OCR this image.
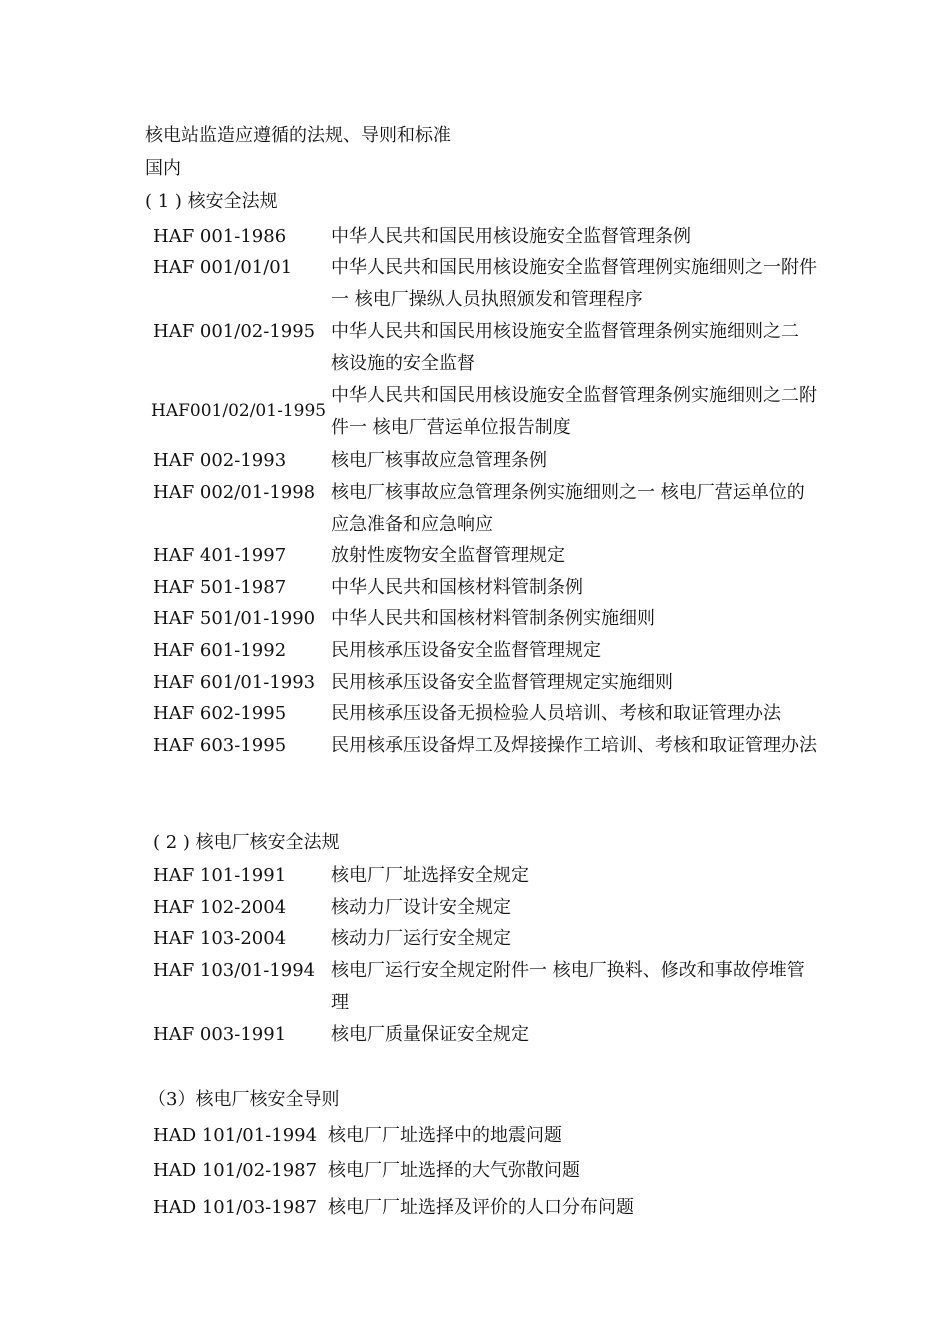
核电站监造应遵循的法规、导则和标准
国内
( 1 ) 核安全法规
HAF 001-1986 中华人民共和国民用核设施安全监督管理条例
HAF 001/01/01 中华人民共和国民用核设施安全监督管理例实施细则之一附件一 核电厂操纵人员执照颁发和管理程序
HAF 001/02-1995 中华人民共和国民用核设施安全监督管理条例实施细则之二 核设施的安全监督
HAF001/02/01-1995
中华人民共和国民用核设施安全监督管理条例实施细则之二附件一 核电厂营运单位报告制度
HAF 002-1993 核电厂核事故应急管理条例
HAF 002/01-1998 核电厂核事故应急管理条例实施细则之一 核电厂营运单位的应急准备和应急响应
HAF 401-1997 放射性废物安全监督管理规定
HAF 501-1987 中华人民共和国核材料管制条例
HAF 501/01-1990 中华人民共和国核材料管制条例实施细则
HAF 601-1992 民用核承压设备安全监督管理规定
HAF 601/01-1993 民用核承压设备安全监督管理规定实施细则
HAF 602-1995 民用核承压设备无损检验人员培训、考核和取证管理办法
HAF 603-1995 民用核承压设备焊工及焊接操作工培训、考核和取证管理办法
( 2 ) 核电厂核安全法规
HAF 101-1991 核电厂厂址选择安全规定
HAF 102-2004 核动力厂设计安全规定
HAF 103-2004 核动力厂运行安全规定
HAF 103/01-1994 核电厂运行安全规定附件一 核电厂换料、修改和事故停堆管理
HAF 003-1991 核电厂质量保证安全规定
（3）核电厂核安全导则
HAD 101/01-1994 核电厂厂址选择中的地震问题
HAD 101/02-1987 核电厂厂址选择的大气弥散问题
HAD 101/03-1987 核电厂厂址选择及评价的人口分布问题
